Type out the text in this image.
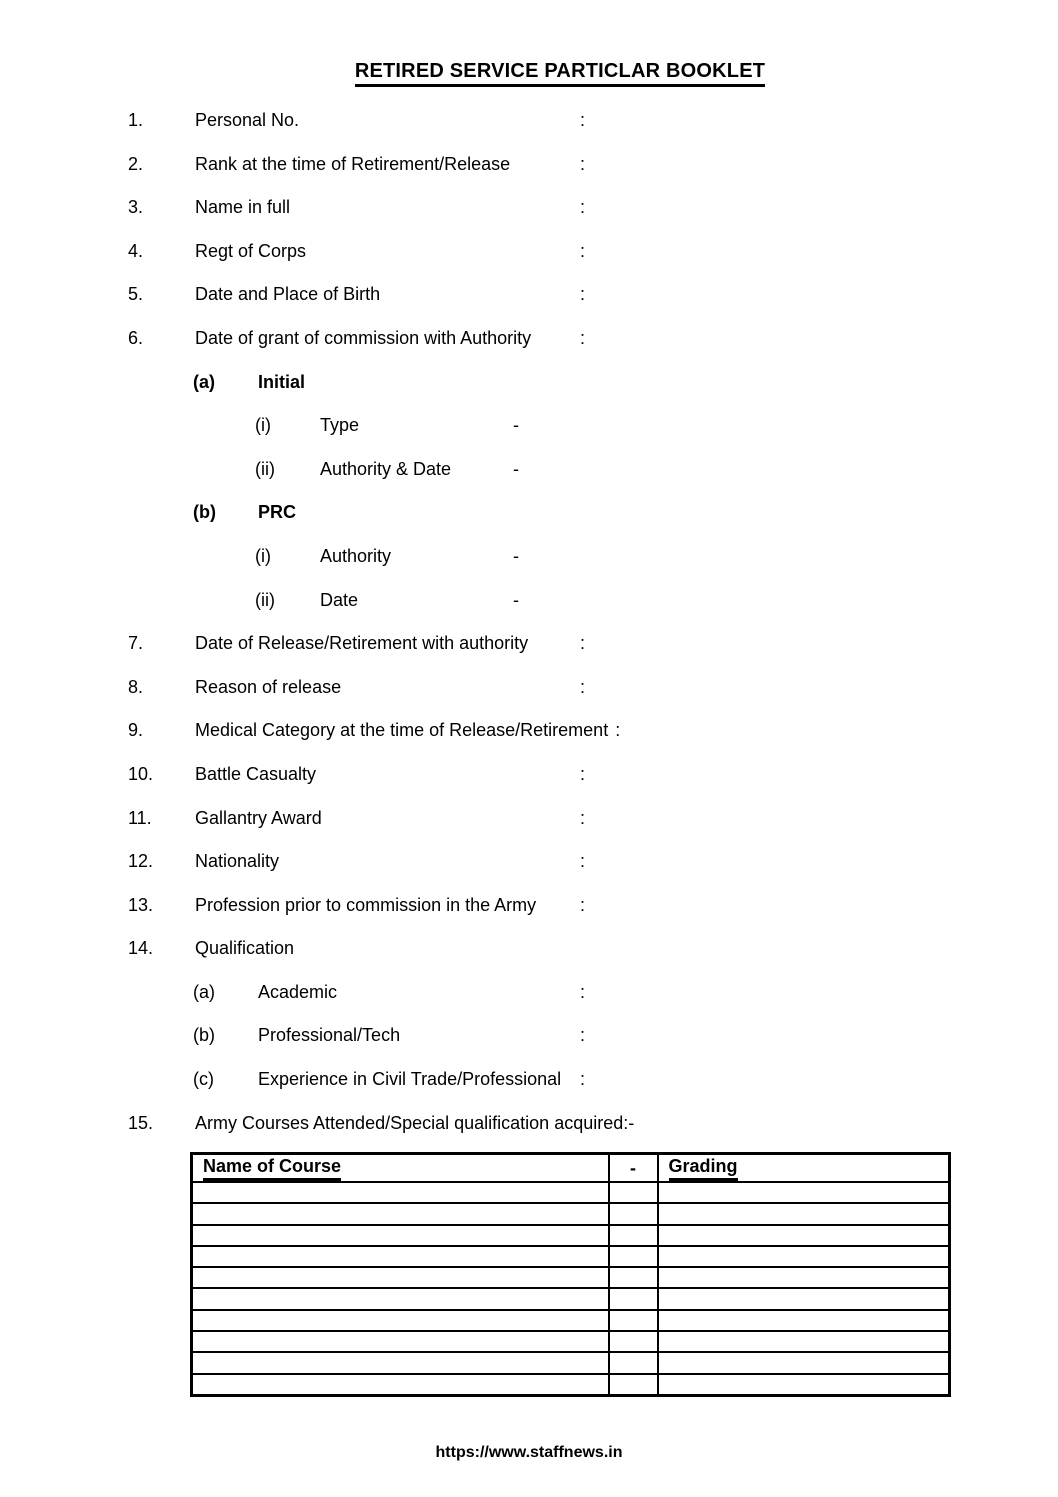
RETIRED SERVICE PARTICLAR BOOKLET
1.	Personal No.	:
2.	Rank at the time of Retirement/Release	:
3.	Name in full	:
4.	Regt of Corps	:
5.	Date and Place of Birth	:
6.	Date of grant of commission with Authority	:
(a) Initial
(i)	Type	-
(ii)	Authority & Date	-
(b) PRC
(i)	Authority	-
(ii)	Date	-
7.	Date of Release/Retirement with authority	:
8.	Reason of release	:
9.	Medical Category at the time of Release/Retirement :
10. Battle Casualty	:
11. Gallantry Award	:
12. Nationality	:
13. Profession prior to commission in the Army :
14. Qualification
(a) Academic	:
(b) Professional/Tech	:
(c) Experience in Civil Trade/Professional :
15. Army Courses Attended/Special qualification acquired:-
Name of Course	-	Grading

https://www.staffnews.in
